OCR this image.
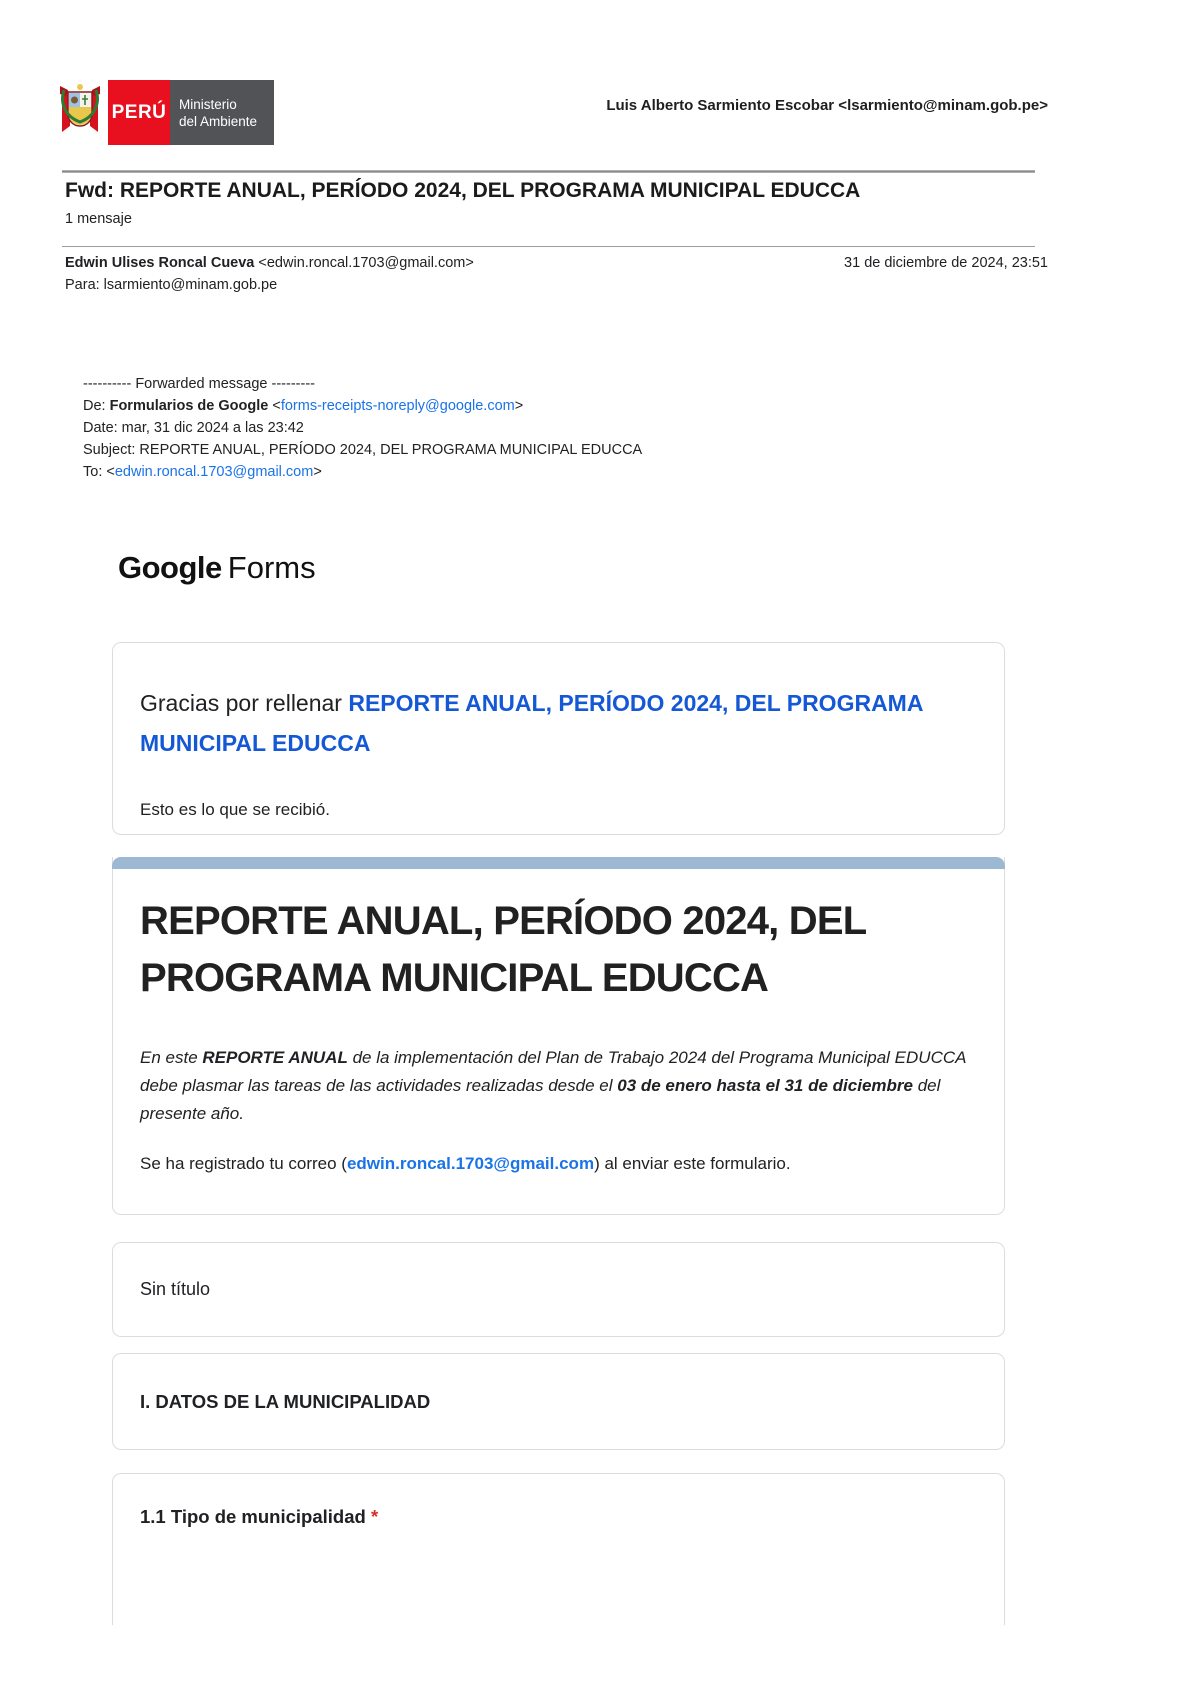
PERÚ Ministerio
del Ambiente
Luis Alberto Sarmiento Escobar <lsarmiento@minam.gob.pe>
Fwd: REPORTE ANUAL, PERÍODO 2024, DEL PROGRAMA MUNICIPAL EDUCCA
1 mensaje
31 de diciembre de 2024, 23:51
Edwin Ulises Roncal Cueva <edwin.roncal.1703@gmail.com>
Para: lsarmiento@minam.gob.pe
---------- Forwarded message ---------
De: Formularios de Google <forms-receipts-noreply@google.com>
Date: mar, 31 dic 2024 a las 23:42
Subject: REPORTE ANUAL, PERÍODO 2024, DEL PROGRAMA MUNICIPAL EDUCCA
To: <edwin.roncal.1703@gmail.com>
Google Forms
Gracias por rellenar REPORTE ANUAL, PERÍODO 2024, DEL PROGRAMA MUNICIPAL EDUCCA
Esto es lo que se recibió.
REPORTE ANUAL, PERÍODO 2024, DEL PROGRAMA MUNICIPAL EDUCCA
En este REPORTE ANUAL de la implementación del Plan de Trabajo 2024 del Programa Municipal EDUCCA debe plasmar las tareas de las actividades realizadas desde el 03 de enero hasta el 31 de diciembre del presente año.
Se ha registrado tu correo (edwin.roncal.1703@gmail.com) al enviar este formulario.
Sin título
I. DATOS DE LA MUNICIPALIDAD
1.1 Tipo de municipalidad *
